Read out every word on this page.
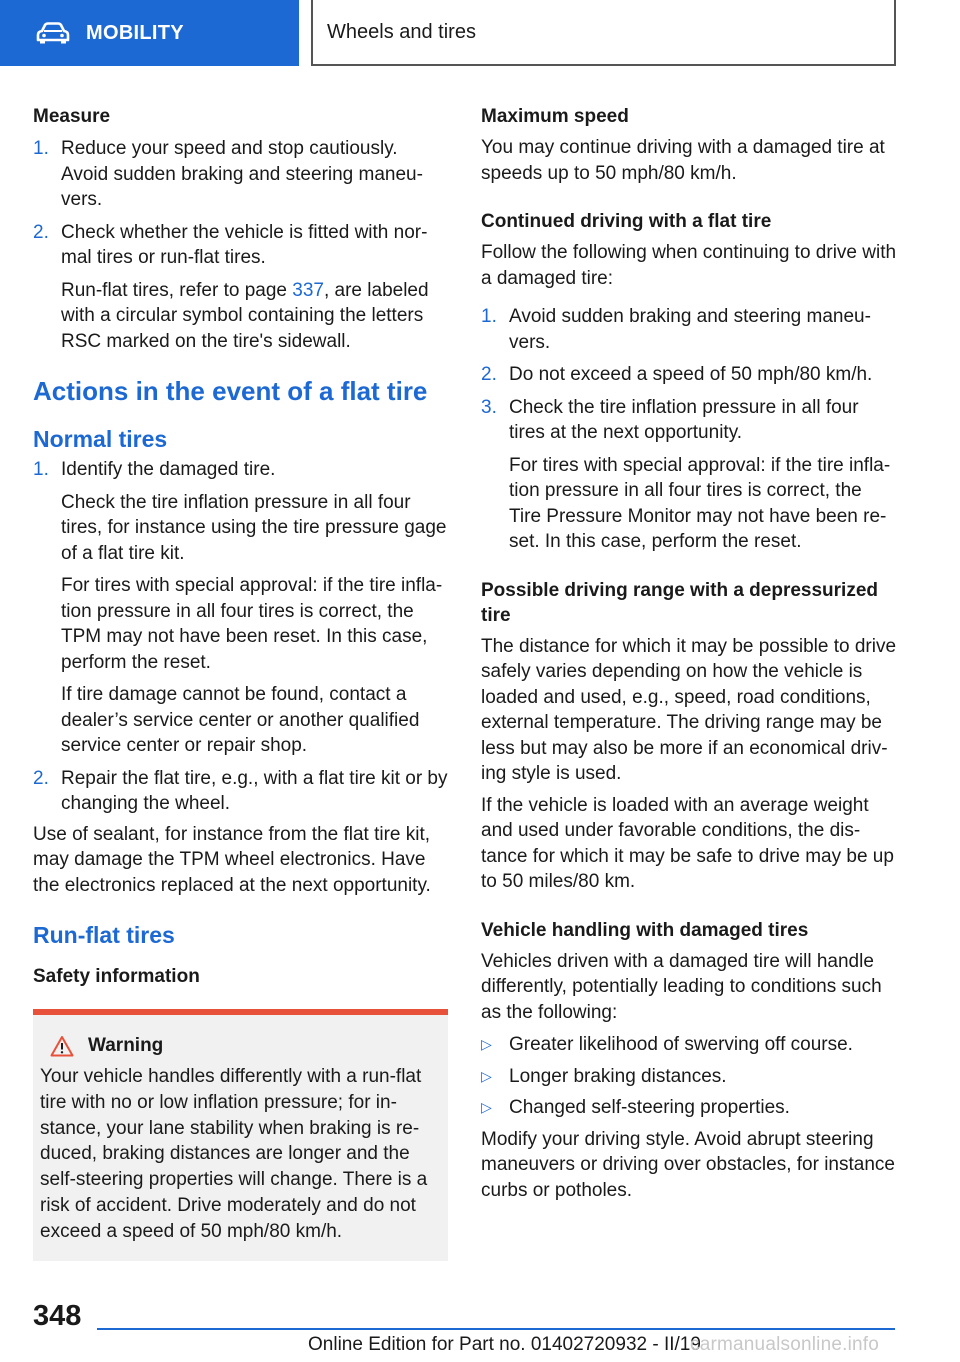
MOBILITY	Wheels and tires
Measure
1. Reduce your speed and stop cautiously. Avoid sudden braking and steering maneuvers.

2. Check whether the vehicle is fitted with normal tires or run-flat tires.

Run-flat tires, refer to page 337, are labeled with a circular symbol containing the letters RSC marked on the tire's sidewall.

Actions in the event of a flat tire
Normal tires
1. Identify the damaged tire.

Check the tire inflation pressure in all four tires, for instance using the tire pressure gage of a flat tire kit.

For tires with special approval: if the tire inflation pressure in all four tires is correct, the TPM may not have been reset. In this case, perform the reset.

If tire damage cannot be found, contact a dealer’s service center or another qualified service center or repair shop.

2. Repair the flat tire, e.g., with a flat tire kit or by changing the wheel.

Use of sealant, for instance from the flat tire kit, may damage the TPM wheel electronics. Have the electronics replaced at the next opportunity.

Run-flat tires
Safety information
Warning

Your vehicle handles differently with a run-flat tire with no or low inflation pressure; for instance, your lane stability when braking is reduced, braking distances are longer and the self-steering properties will change. There is a risk of accident. Drive moderately and do not exceed a speed of 50 mph/80 km/h.

Maximum speed

You may continue driving with a damaged tire at speeds up to 50 mph/80 km/h.

Continued driving with a flat tire

Follow the following when continuing to drive with a damaged tire:

1. Avoid sudden braking and steering maneuvers.

2. Do not exceed a speed of 50 mph/80 km/h.

3. Check the tire inflation pressure in all four tires at the next opportunity.

For tires with special approval: if the tire inflation pressure in all four tires is correct, the Tire Pressure Monitor may not have been reset. In this case, perform the reset.

Possible driving range with a depressurized tire

The distance for which it may be possible to drive safely varies depending on how the vehicle is loaded and used, e.g., speed, road conditions, external temperature. The driving range may be less but may also be more if an economical driving style is used.

If the vehicle is loaded with an average weight and used under favorable conditions, the distance for which it may be safe to drive may be up to 50 miles/80 km.

Vehicle handling with damaged tires

Vehicles driven with a damaged tire will handle differently, potentially leading to conditions such as the following:

▷ Greater likelihood of swerving off course.
▷ Longer braking distances.
▷ Changed self-steering properties.

Modify your driving style. Avoid abrupt steering maneuvers or driving over obstacles, for instance curbs or potholes.

348
Online Edition for Part no. 01402720932 - II/19
carmanualsonline.info
